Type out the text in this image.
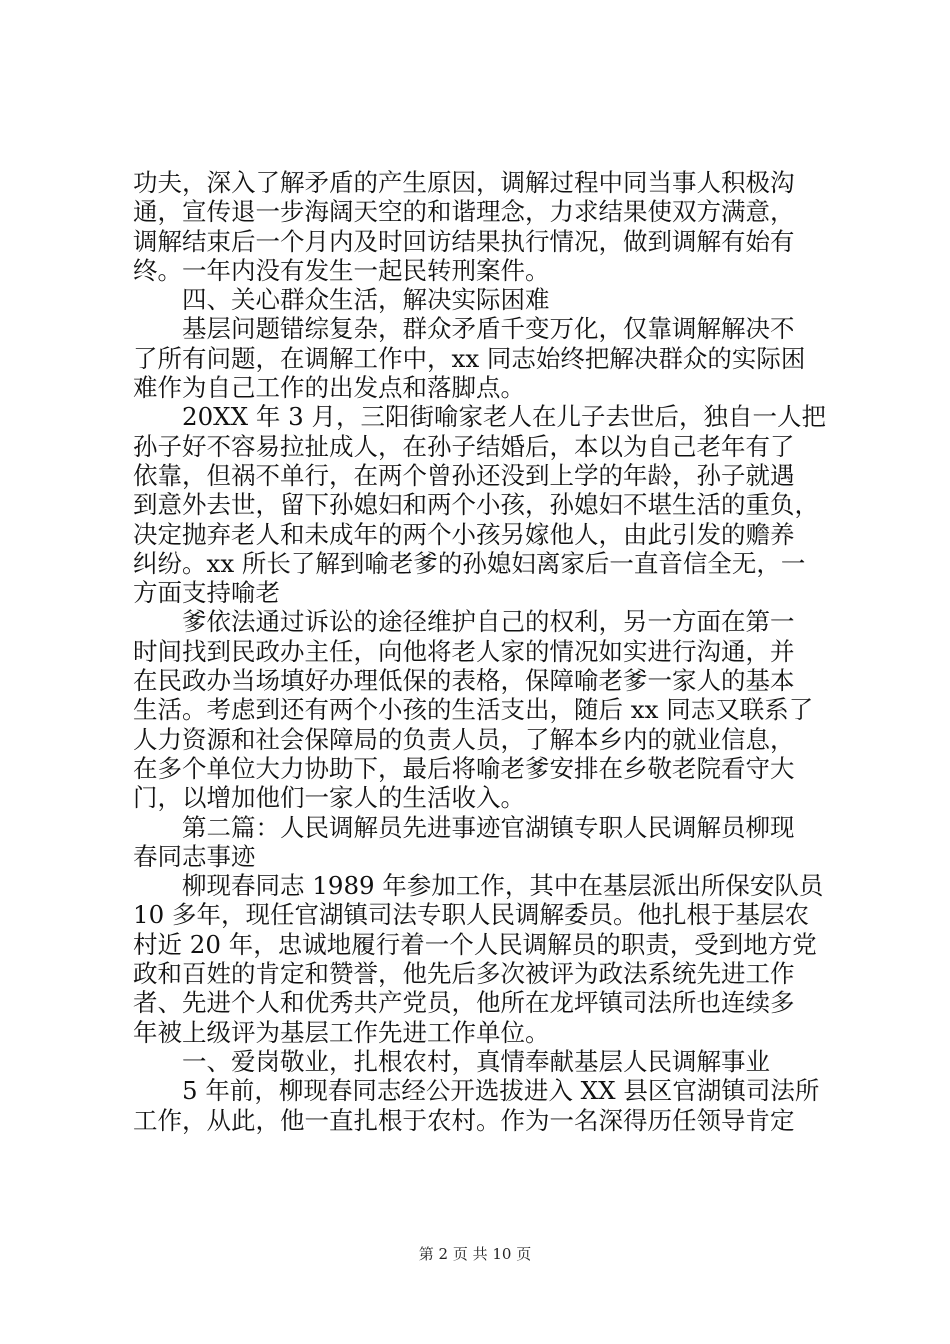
功夫，深入了解矛盾的产生原因，调解过程中同当事人积极沟
通，宣传退一步海阔天空的和谐理念，力求结果使双方满意，
调解结束后一个月内及时回访结果执行情况，做到调解有始有
终。一年内没有发生一起民转刑案件。
四、关心群众生活，解决实际困难
基层问题错综复杂，群众矛盾千变万化，仅靠调解解决不
了所有问题，在调解工作中，xx 同志始终把解决群众的实际困
难作为自己工作的出发点和落脚点。
20XX 年 3 月，三阳街喻家老人在儿子去世后，独自一人把
孙子好不容易拉扯成人，在孙子结婚后，本以为自己老年有了
依靠，但祸不单行，在两个曾孙还没到上学的年龄，孙子就遇
到意外去世，留下孙媳妇和两个小孩，孙媳妇不堪生活的重负，
决定抛弃老人和未成年的两个小孩另嫁他人，由此引发的赡养
纠纷。xx 所长了解到喻老爹的孙媳妇离家后一直音信全无，一
方面支持喻老
爹依法通过诉讼的途径维护自己的权利，另一方面在第一
时间找到民政办主任，向他将老人家的情况如实进行沟通，并
在民政办当场填好办理低保的表格，保障喻老爹一家人的基本
生活。考虑到还有两个小孩的生活支出，随后 xx 同志又联系了
人力资源和社会保障局的负责人员，了解本乡内的就业信息，
在多个单位大力协助下，最后将喻老爹安排在乡敬老院看守大
门，以增加他们一家人的生活收入。
第二篇：人民调解员先进事迹官湖镇专职人民调解员柳现
春同志事迹
柳现春同志 1989 年参加工作，其中在基层派出所保安队员
10 多年，现任官湖镇司法专职人民调解委员。他扎根于基层农
村近 20 年，忠诚地履行着一个人民调解员的职责，受到地方党
政和百姓的肯定和赞誉，他先后多次被评为政法系统先进工作
者、先进个人和优秀共产党员，他所在龙坪镇司法所也连续多
年被上级评为基层工作先进工作单位。
一、爱岗敬业，扎根农村，真情奉献基层人民调解事业
5 年前，柳现春同志经公开选拔进入 XX 县区官湖镇司法所
工作，从此，他一直扎根于农村。作为一名深得历任领导肯定
第 2 页 共 10 页
